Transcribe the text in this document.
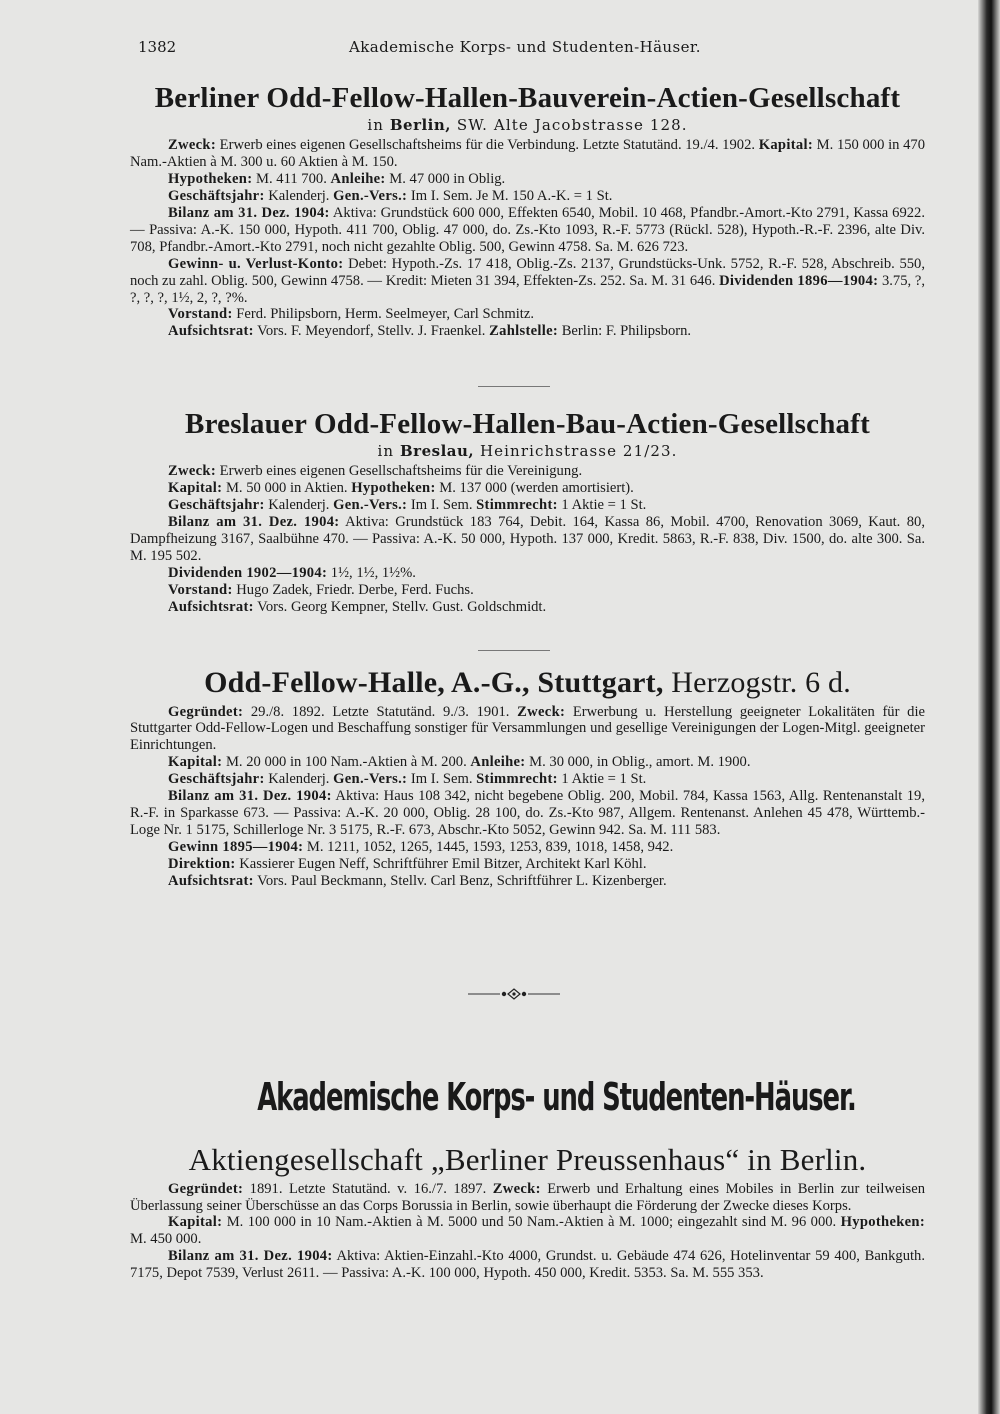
1382	Akademische Korps- und Studenten-Häuser.
Berliner Odd-Fellow-Hallen-Bauverein-Actien-Gesellschaft
in Berlin, SW. Alte Jacobstrasse 128.

Zweck: Erwerb eines eigenen Gesellschaftsheims für die Verbindung. Letzte Statutänd. 19./4. 1902. Kapital: M. 150 000 in 470 Nam.-Aktien à M. 300 u. 60 Aktien à M. 150.

Hypotheken: M. 411 700. Anleihe: M. 47 000 in Oblig.

Geschäftsjahr: Kalenderj. Gen.-Vers.: Im I. Sem. Je M. 150 A.-K. = 1 St.

Bilanz am 31. Dez. 1904: Aktiva: Grundstück 600 000, Effekten 6540, Mobil. 10 468, Pfandbr.-Amort.-Kto 2791, Kassa 6922. — Passiva: A.-K. 150 000, Hypoth. 411 700, Oblig. 47 000, do. Zs.-Kto 1093, R.-F. 5773 (Rückl. 528), Hypoth.-R.-F. 2396, alte Div. 708, Pfandbr.-Amort.-Kto 2791, noch nicht gezahlte Oblig. 500, Gewinn 4758. Sa. M. 626 723.

Gewinn- u. Verlust-Konto: Debet: Hypoth.-Zs. 17 418, Oblig.-Zs. 2137, Grundstücks-Unk. 5752, R.-F. 528, Abschreib. 550, noch zu zahl. Oblig. 500, Gewinn 4758. — Kredit: Mieten 31 394, Effekten-Zs. 252. Sa. M. 31 646. Dividenden 1896—1904: 3.75, ?, ?, ?, ?, 1½, 2, ?, ?%.

Vorstand: Ferd. Philipsborn, Herm. Seelmeyer, Carl Schmitz.

Aufsichtsrat: Vors. F. Meyendorf, Stellv. J. Fraenkel. Zahlstelle: Berlin: F. Philipsborn.

Breslauer Odd-Fellow-Hallen-Bau-Actien-Gesellschaft
in Breslau, Heinrichstrasse 21/23.

Zweck: Erwerb eines eigenen Gesellschaftsheims für die Vereinigung.

Kapital: M. 50 000 in Aktien. Hypotheken: M. 137 000 (werden amortisiert).

Geschäftsjahr: Kalenderj. Gen.-Vers.: Im I. Sem. Stimmrecht: 1 Aktie = 1 St.

Bilanz am 31. Dez. 1904: Aktiva: Grundstück 183 764, Debit. 164, Kassa 86, Mobil. 4700, Renovation 3069, Kaut. 80, Dampfheizung 3167, Saalbühne 470. — Passiva: A.-K. 50 000, Hypoth. 137 000, Kredit. 5863, R.-F. 838, Div. 1500, do. alte 300. Sa. M. 195 502.

Dividenden 1902—1904: 1½, 1½, 1½%.

Vorstand: Hugo Zadek, Friedr. Derbe, Ferd. Fuchs.

Aufsichtsrat: Vors. Georg Kempner, Stellv. Gust. Goldschmidt.

Odd-Fellow-Halle, A.-G., Stuttgart, Herzogstr. 6 d.

Gegründet: 29./8. 1892. Letzte Statutänd. 9./3. 1901. Zweck: Erwerbung u. Herstellung geeigneter Lokalitäten für die Stuttgarter Odd-Fellow-Logen und Beschaffung sonstiger für Versammlungen und gesellige Vereinigungen der Logen-Mitgl. geeigneter Einrichtungen.

Kapital: M. 20 000 in 100 Nam.-Aktien à M. 200. Anleihe: M. 30 000, in Oblig., amort. M. 1900.

Geschäftsjahr: Kalenderj. Gen.-Vers.: Im I. Sem. Stimmrecht: 1 Aktie = 1 St.

Bilanz am 31. Dez. 1904: Aktiva: Haus 108 342, nicht begebene Oblig. 200, Mobil. 784, Kassa 1563, Allg. Rentenanstalt 19, R.-F. in Sparkasse 673. — Passiva: A.-K. 20 000, Oblig. 28 100, do. Zs.-Kto 987, Allgem. Rentenanst. Anlehen 45 478, Württemb.-Loge Nr. 1 5175, Schillerloge Nr. 3 5175, R.-F. 673, Abschr.-Kto 5052, Gewinn 942. Sa. M. 111 583.

Gewinn 1895—1904: M. 1211, 1052, 1265, 1445, 1593, 1253, 839, 1018, 1458, 942.

Direktion: Kassierer Eugen Neff, Schriftführer Emil Bitzer, Architekt Karl Köhl.

Aufsichtsrat: Vors. Paul Beckmann, Stellv. Carl Benz, Schriftführer L. Kizenberger.

Akademische Korps- und Studenten-Häuser.
Aktiengesellschaft „Berliner Preussenhaus“ in Berlin.

Gegründet: 1891. Letzte Statutänd. v. 16./7. 1897. Zweck: Erwerb und Erhaltung eines Mobiles in Berlin zur teilweisen Überlassung seiner Überschüsse an das Corps Borussia in Berlin, sowie überhaupt die Förderung der Zwecke dieses Korps.

Kapital: M. 100 000 in 10 Nam.-Aktien à M. 5000 und 50 Nam.-Aktien à M. 1000; eingezahlt sind M. 96 000. Hypotheken: M. 450 000.

Bilanz am 31. Dez. 1904: Aktiva: Aktien-Einzahl.-Kto 4000, Grundst. u. Gebäude 474 626, Hotelinventar 59 400, Bankguth. 7175, Depot 7539, Verlust 2611. — Passiva: A.-K. 100 000, Hypoth. 450 000, Kredit. 5353. Sa. M. 555 353.
